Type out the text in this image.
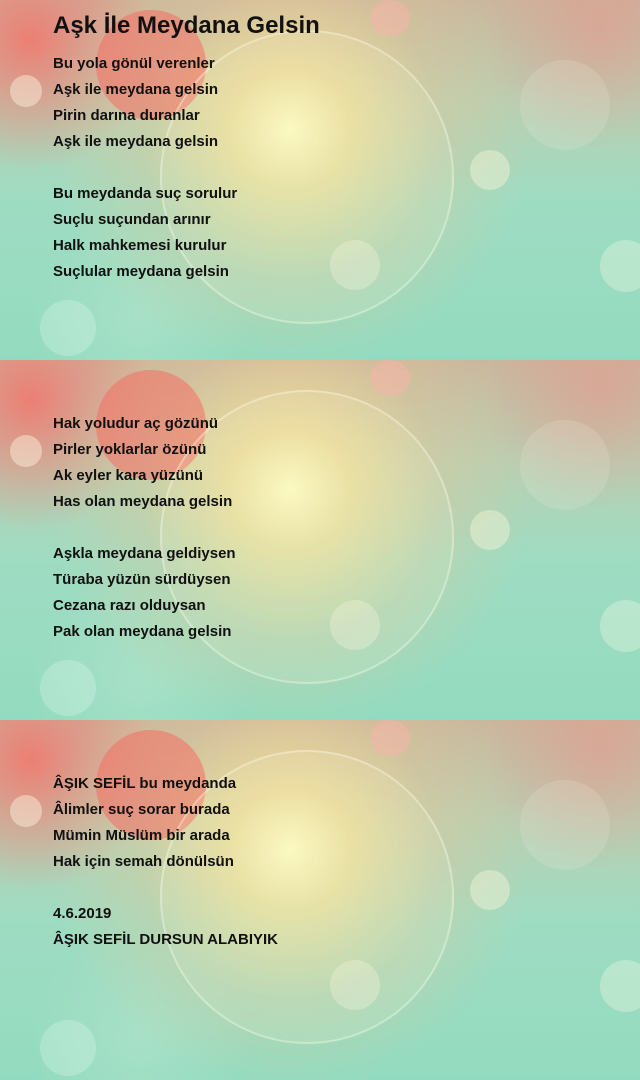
Aşk İle Meydana Gelsin
Bu yola gönül verenler
Aşk ile meydana gelsin
Pirin darına duranlar
Aşk ile meydana gelsin
Bu meydanda suç sorulur
Suçlu suçundan arınır
Halk mahkemesi kurulur
Suçlular meydana gelsin
Hak yoludur aç gözünü
Pirler yoklarlar özünü
Ak eyler kara yüzünü
Has olan meydana gelsin
Aşkla meydana geldiysen
Türaba yüzün sürdüysen
Cezana razı olduysan
Pak olan meydana gelsin
ÂŞIK SEFİL bu meydanda
Âlimler suç sorar burada
Mümin Müslüm bir arada
Hak için semah dönülsün
4.6.2019
ÂŞIK SEFİL DURSUN ALABIYIK
